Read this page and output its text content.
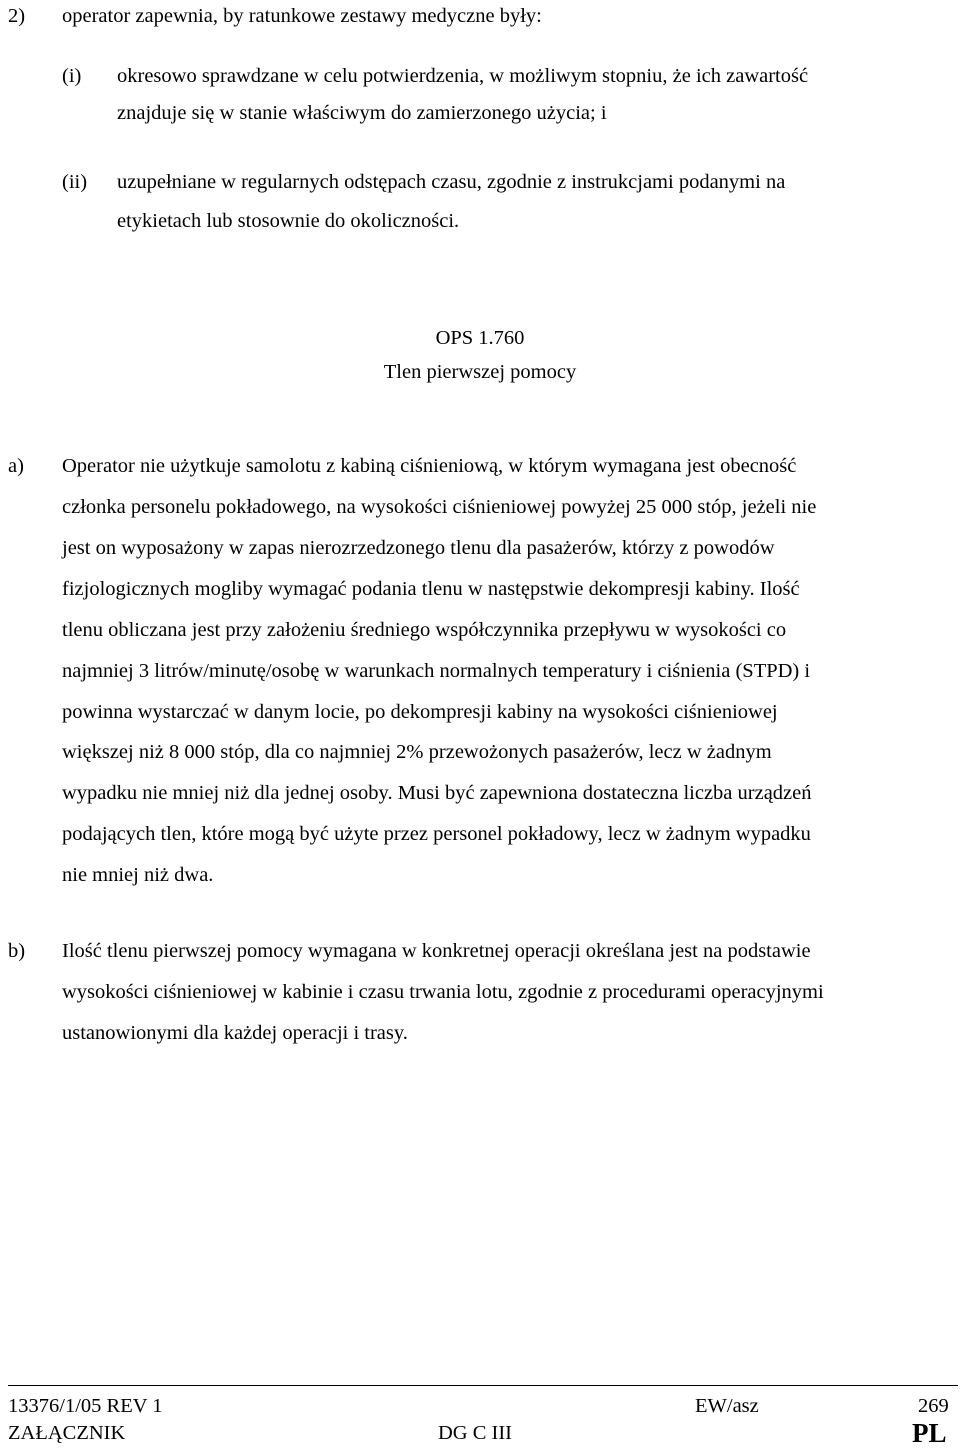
2) operator zapewnia, by ratunkowe zestawy medyczne były:
(i) okresowo sprawdzane w celu potwierdzenia, w możliwym stopniu, że ich zawartość
znajduje się w stanie właściwym do zamierzonego użycia; i
(ii) uzupełniane w regularnych odstępach czasu, zgodnie z instrukcjami podanymi na
etykietach lub stosownie do okoliczności.
OPS 1.760
Tlen pierwszej pomocy
a) Operator nie użytkuje samolotu z kabiną ciśnieniową, w którym wymagana jest obecność
członka personelu pokładowego, na wysokości ciśnieniowej powyżej 25 000 stóp, jeżeli nie
jest on wyposażony w zapas nierozrzedzonego tlenu dla pasażerów, którzy z powodów
fizjologicznych mogliby wymagać podania tlenu w następstwie dekompresji kabiny. Ilość
tlenu obliczana jest przy założeniu średniego współczynnika przepływu w wysokości co
najmniej 3 litrów/minutę/osobę w warunkach normalnych temperatury i ciśnienia (STPD) i
powinna wystarczać w danym locie, po dekompresji kabiny na wysokości ciśnieniowej
większej niż 8 000 stóp, dla co najmniej 2% przewożonych pasażerów, lecz w żadnym
wypadku nie mniej niż dla jednej osoby. Musi być zapewniona dostateczna liczba urządzeń
podających tlen, które mogą być użyte przez personel pokładowy, lecz w żadnym wypadku
nie mniej niż dwa.
b) Ilość tlenu pierwszej pomocy wymagana w konkretnej operacji określana jest na podstawie
wysokości ciśnieniowej w kabinie i czasu trwania lotu, zgodnie z procedurami operacyjnymi
ustanowionymi dla każdej operacji i trasy.
13376/1/05 REV 1	EW/asz	269
ZAŁĄCZNIK	DG C III	PL
